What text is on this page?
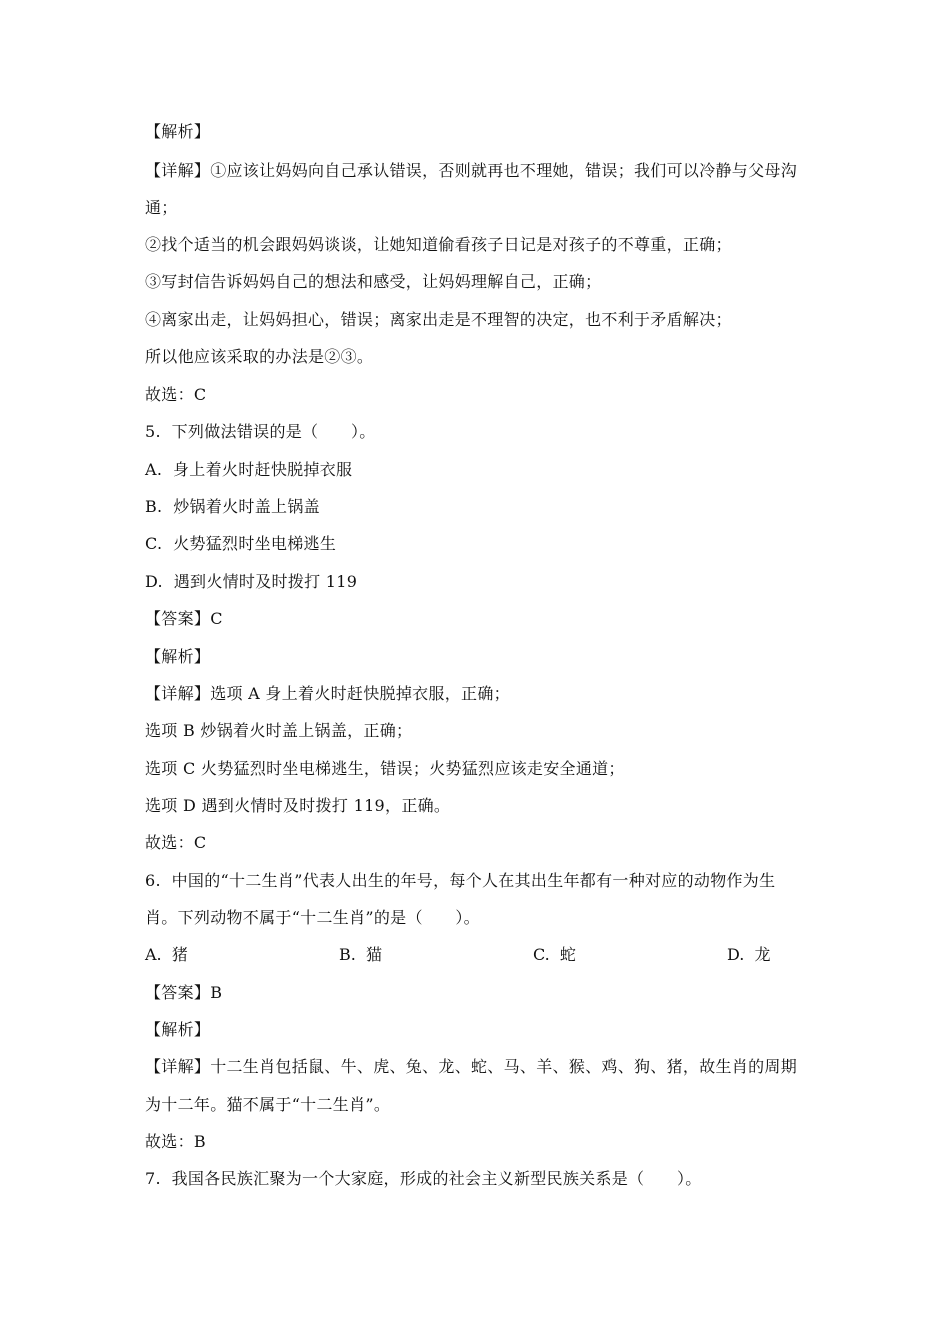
【解析】
【详解】①应该让妈妈向自己承认错误，否则就再也不理她，错误；我们可以冷静与父母沟
通；
②找个适当的机会跟妈妈谈谈，让她知道偷看孩子日记是对孩子的不尊重，正确；
③写封信告诉妈妈自己的想法和感受，让妈妈理解自己，正确；
④离家出走，让妈妈担心，错误；离家出走是不理智的决定，也不利于矛盾解决；
所以他应该采取的办法是②③。
故选：C
5.  下列做法错误的是（　　）。
A.  身上着火时赶快脱掉衣服
B.  炒锅着火时盖上锅盖
C.  火势猛烈时坐电梯逃生
D.  遇到火情时及时拨打 119
【答案】C
【解析】
【详解】选项 A 身上着火时赶快脱掉衣服，正确；
选项 B 炒锅着火时盖上锅盖，正确；
选项 C 火势猛烈时坐电梯逃生，错误；火势猛烈应该走安全通道；
选项 D 遇到火情时及时拨打 119，正确。
故选：C
6.  中国的“十二生肖”代表人出生的年号，每个人在其出生年都有一种对应的动物作为生
肖。下列动物不属于“十二生肖”的是（　　）。
A.  猪	B.  猫	C.  蛇	D.  龙
【答案】B
【解析】
【详解】十二生肖包括鼠、牛、虎、兔、龙、蛇、马、羊、猴、鸡、狗、猪，故生肖的周期
为十二年。猫不属于“十二生肖”。
故选：B
7.  我国各民族汇聚为一个大家庭，形成的社会主义新型民族关系是（　　）。
